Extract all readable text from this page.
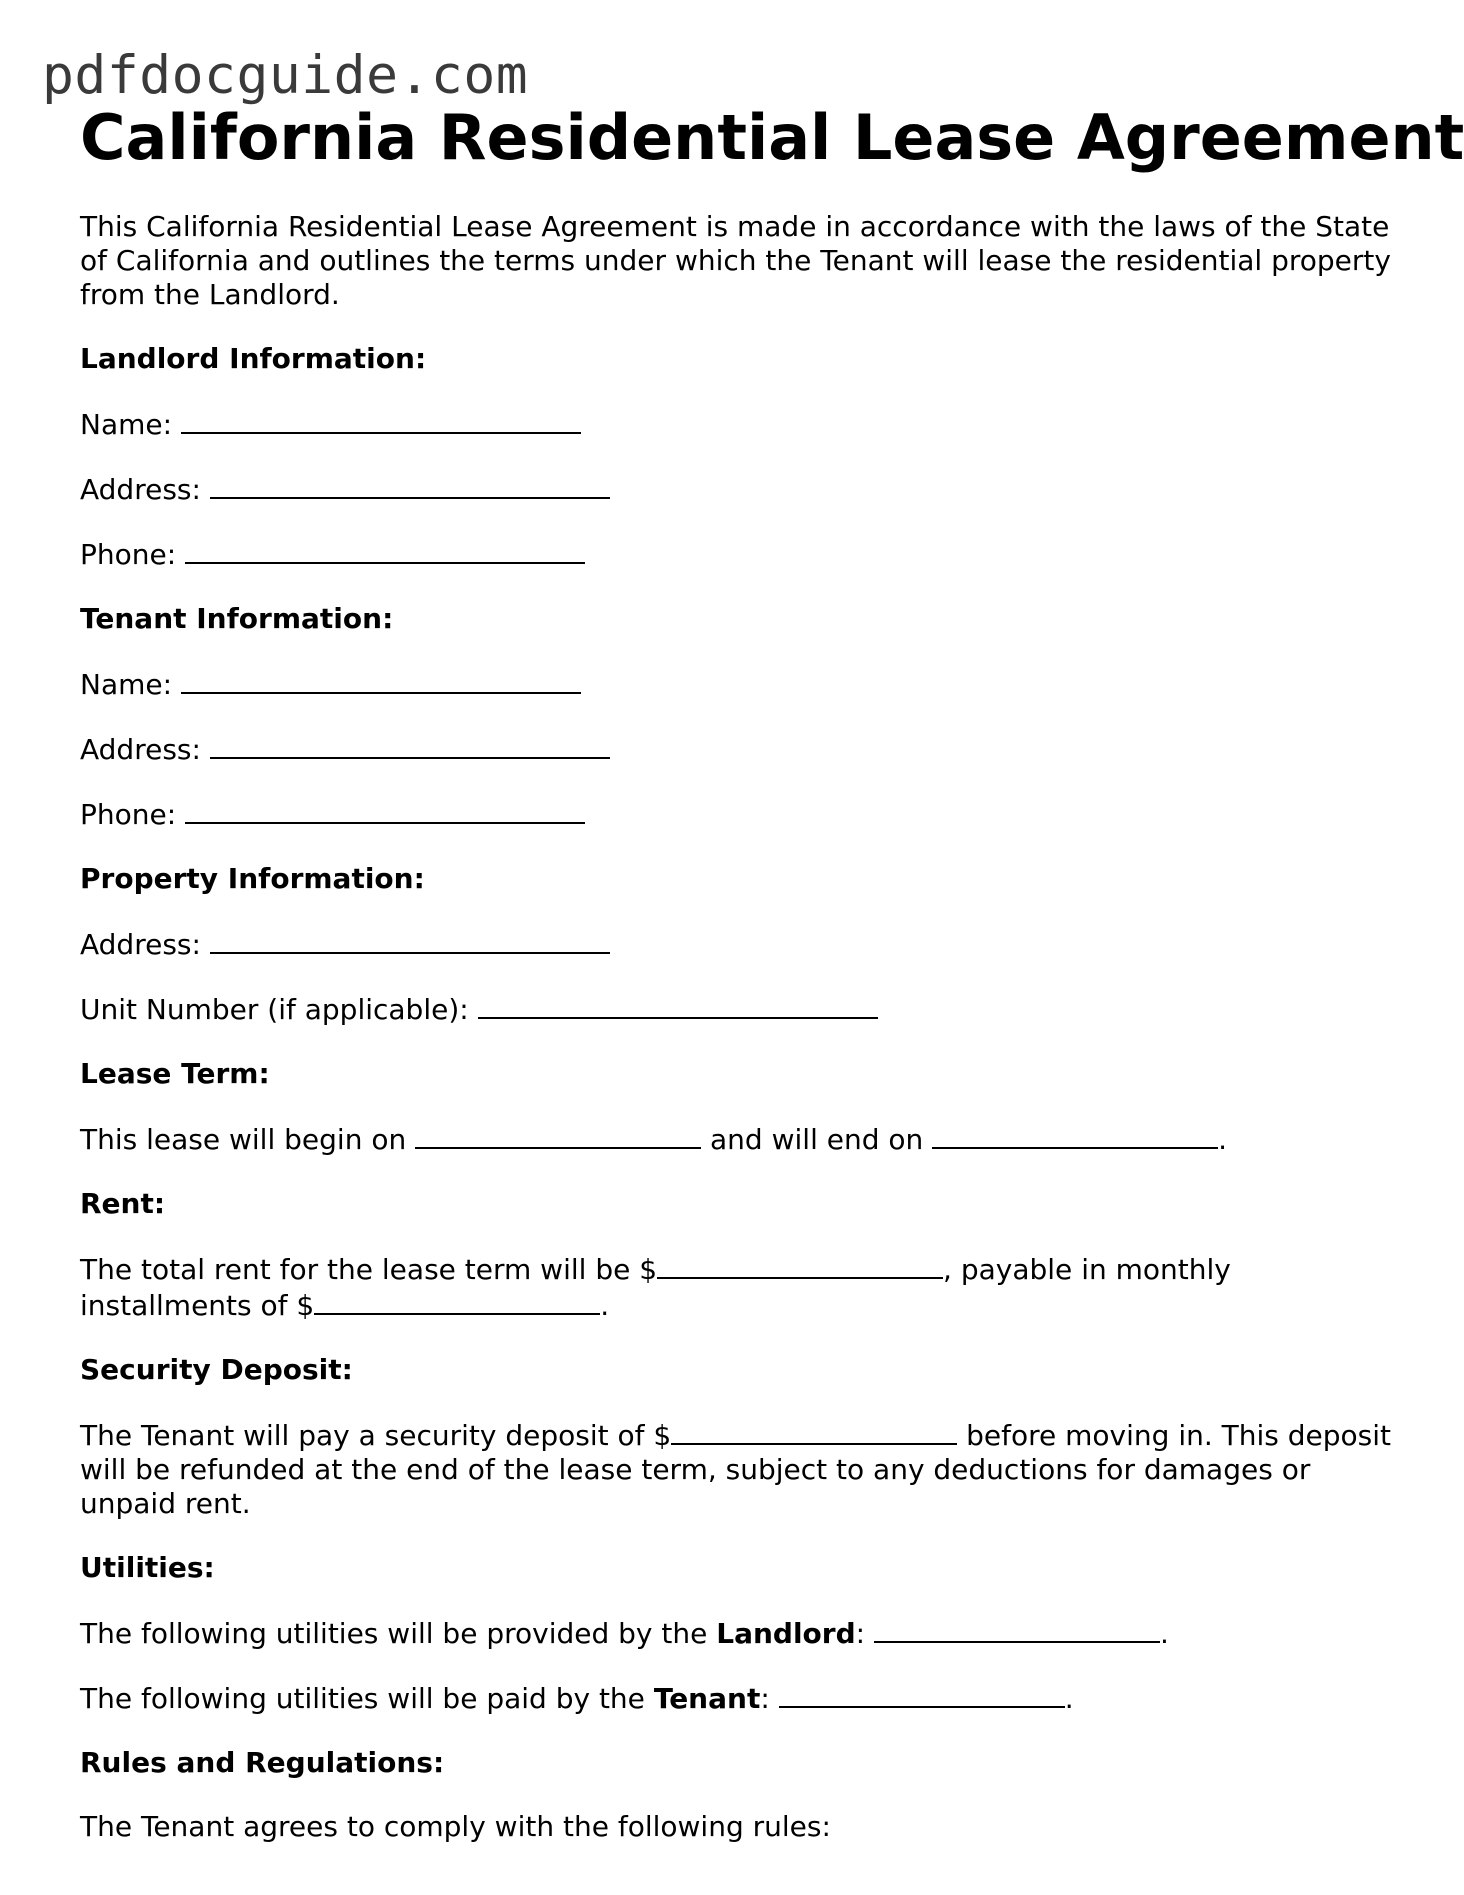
pdfdocguide.com
California Residential Lease Agreement

This California Residential Lease Agreement is made in accordance with the laws of the State of California and outlines the terms under which the Tenant will lease the residential property from the Landlord.

Landlord Information:

Name:

Address:

Phone:

Tenant Information:

Name:

Address:

Phone:

Property Information:

Address:

Unit Number (if applicable):

Lease Term:

This lease will begin on	and will end on	.

Rent:

The total rent for the lease term will be $	, payable in monthly installments of $	.

Security Deposit:

The Tenant will pay a security deposit of $	before moving in. This deposit will be refunded at the end of the lease term, subject to any deductions for damages or unpaid rent.

Utilities:

The following utilities will be provided by the Landlord:	.

The following utilities will be paid by the Tenant:	.

Rules and Regulations:

The Tenant agrees to comply with the following rules:
